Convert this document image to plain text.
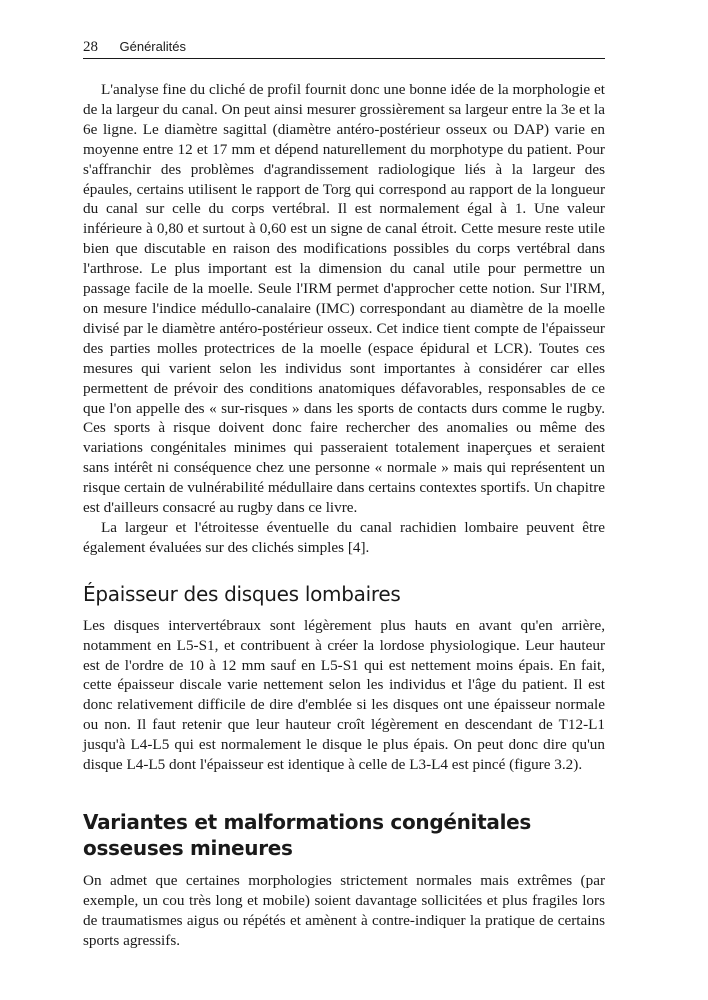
28 Généralités

L'analyse fine du cliché de profil fournit donc une bonne idée de la morphologie et de la largeur du canal. On peut ainsi mesurer grossièrement sa largeur entre la 3e et la 6e ligne. Le diamètre sagittal (diamètre antéro-postérieur osseux ou DAP) varie en moyenne entre 12 et 17 mm et dépend naturellement du morphotype du patient. Pour s'affranchir des problèmes d'agrandissement radiologique liés à la largeur des épaules, certains utilisent le rapport de Torg qui correspond au rapport de la longueur du canal sur celle du corps vertébral. Il est normalement égal à 1. Une valeur inférieure à 0,80 et surtout à 0,60 est un signe de canal étroit. Cette mesure reste utile bien que discutable en raison des modifications possibles du corps vertébral dans l'arthrose. Le plus important est la dimension du canal utile pour permettre un passage facile de la moelle. Seule l'IRM permet d'approcher cette notion. Sur l'IRM, on mesure l'indice médullo-canalaire (IMC) correspondant au diamètre de la moelle divisé par le diamètre antéro-postérieur osseux. Cet indice tient compte de l'épaisseur des parties molles protectrices de la moelle (espace épidural et LCR). Toutes ces mesures qui varient selon les individus sont importantes à considérer car elles permettent de prévoir des conditions anatomiques défavorables, responsables de ce que l'on appelle des « sur-risques » dans les sports de contacts durs comme le rugby. Ces sports à risque doivent donc faire rechercher des anomalies ou même des variations congénitales minimes qui passeraient totalement inaperçues et seraient sans intérêt ni conséquence chez une personne « normale » mais qui représentent un risque certain de vulnérabilité médullaire dans certains contextes sportifs. Un chapitre est d'ailleurs consacré au rugby dans ce livre.

La largeur et l'étroitesse éventuelle du canal rachidien lombaire peuvent être également évaluées sur des clichés simples [4].

Épaisseur des disques lombaires

Les disques intervertébraux sont légèrement plus hauts en avant qu'en arrière, notamment en L5-S1, et contribuent à créer la lordose physiologique. Leur hauteur est de l'ordre de 10 à 12 mm sauf en L5-S1 qui est nettement moins épais. En fait, cette épaisseur discale varie nettement selon les individus et l'âge du patient. Il est donc relativement difficile de dire d'emblée si les disques ont une épaisseur normale ou non. Il faut retenir que leur hauteur croît légèrement en descendant de T12-L1 jusqu'à L4-L5 qui est normalement le disque le plus épais. On peut donc dire qu'un disque L4-L5 dont l'épaisseur est identique à celle de L3-L4 est pincé (figure 3.2).

Variantes et malformations congénitales osseuses mineures

On admet que certaines morphologies strictement normales mais extrêmes (par exemple, un cou très long et mobile) soient davantage sollicitées et plus fragiles lors de traumatismes aigus ou répétés et amènent à contre-indiquer la pratique de certains sports agressifs.
